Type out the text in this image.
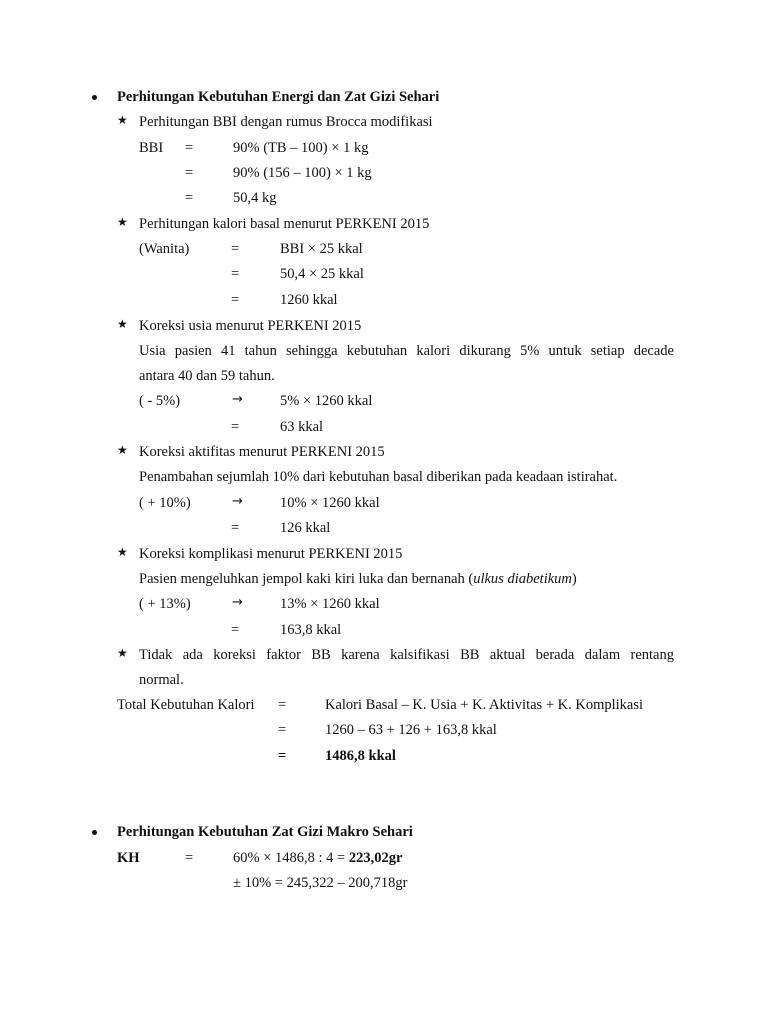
Perhitungan Kebutuhan Energi dan Zat Gizi Sehari
★ Perhitungan BBI dengan rumus Brocca modifikasi
BBI =	90% (TB – 100) × 1 kg
=	90% (156 – 100) × 1 kg
=	50,4 kg
★ Perhitungan kalori basal menurut PERKENI 2015
(Wanita)	=	BBI × 25 kkal
=	50,4 × 25 kkal
=	1260 kkal
★ Koreksi usia menurut PERKENI 2015
Usia pasien 41 tahun sehingga kebutuhan kalori dikurang 5% untuk setiap decade
antara 40 dan 59 tahun.
( - 5%)	→	5% × 1260 kkal
=	63 kkal
★ Koreksi aktifitas menurut PERKENI 2015
Penambahan sejumlah 10% dari kebutuhan basal diberikan pada keadaan istirahat.
( + 10%)	→	10% × 1260 kkal
=	126 kkal
★ Koreksi komplikasi menurut PERKENI 2015
Pasien mengeluhkan jempol kaki kiri luka dan bernanah (ulkus diabetikum)
( + 13%)	→	13% × 1260 kkal
=	163,8 kkal
★ Tidak ada koreksi faktor BB karena kalsifikasi BB aktual berada dalam rentang
normal.
Total Kebutuhan Kalori =	Kalori Basal – K. Usia + K. Aktivitas + K. Komplikasi
=	1260 – 63 + 126 + 163,8 kkal
=	1486,8 kkal
Perhitungan Kebutuhan Zat Gizi Makro Sehari
KH	=	60% × 1486,8 : 4 = 223,02gr
± 10% = 245,322 – 200,718gr
